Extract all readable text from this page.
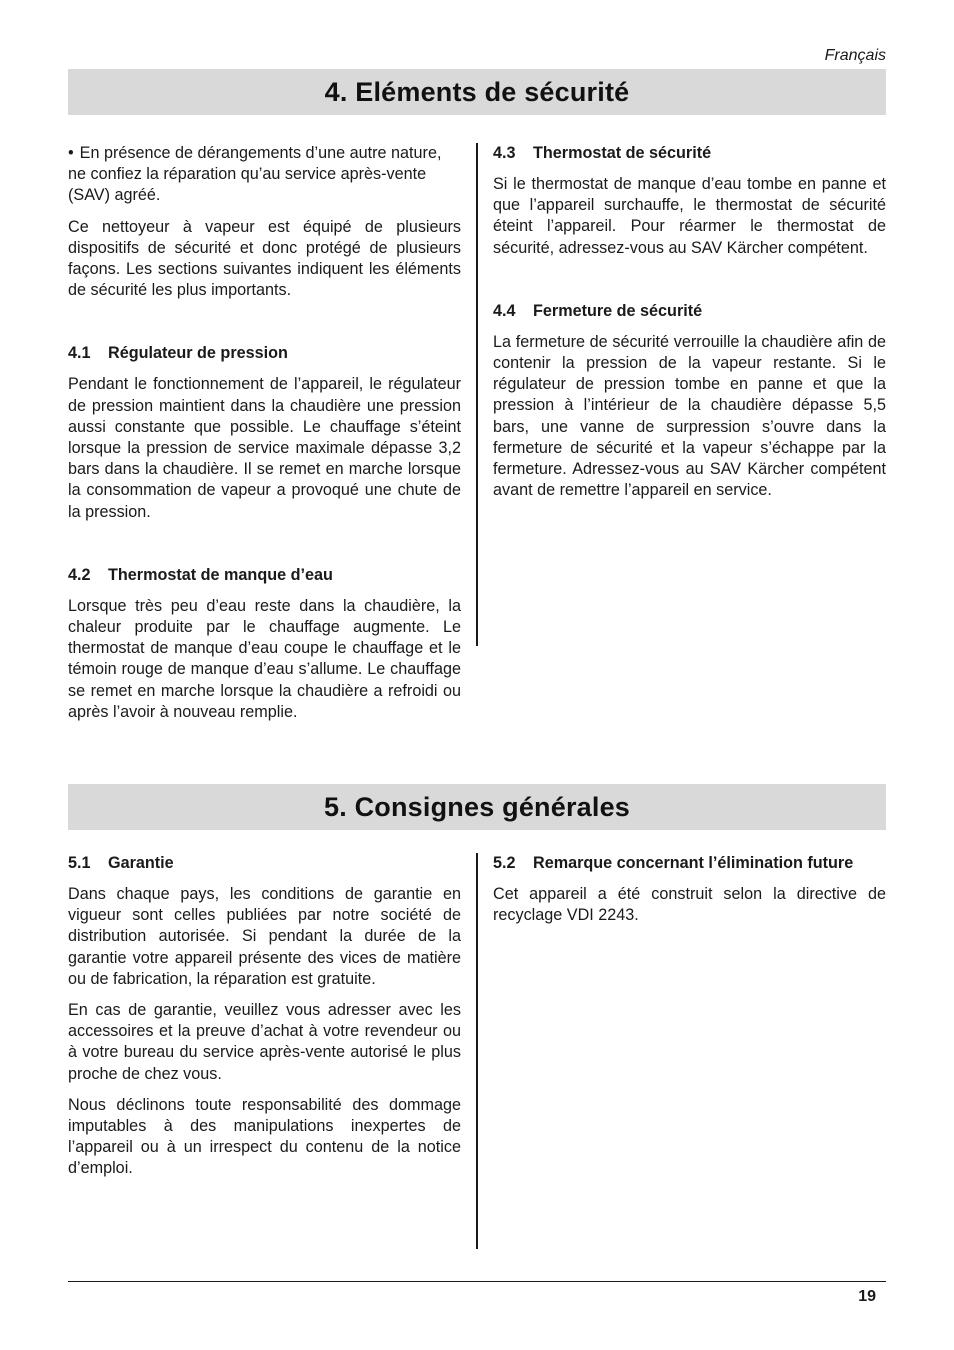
Français
4. Eléments de sécurité

• En présence de dérangements d’une autre nature, ne confiez la réparation qu’au service après-vente (SAV) agréé.

Ce nettoyeur à vapeur est équipé de plusieurs dispositifs de sécurité et donc protégé de plusieurs façons. Les sections suivantes indiquent les éléments de sécurité les plus importants.

4.1 Régulateur de pression

Pendant le fonctionnement de l’appareil, le régulateur de pression maintient dans la chaudière une pression aussi constante que possible. Le chauffage s’éteint lorsque la pression de service maximale dépasse 3,2 bars dans la chaudière. Il se remet en marche lorsque la consommation de vapeur a provoqué une chute de la pression.

4.2 Thermostat de manque d’eau

Lorsque très peu d’eau reste dans la chaudière, la chaleur produite par le chauffage augmente. Le thermostat de manque d’eau coupe le chauffage et le témoin rouge de manque d’eau s’allume. Le chauffage se remet en marche lorsque la chaudière a refroidi ou après l’avoir à nouveau remplie.

4.3 Thermostat de sécurité

Si le thermostat de manque d’eau tombe en panne et que l’appareil surchauffe, le thermostat de sécurité éteint l’appareil. Pour réarmer le thermostat de sécurité, adressez-vous au SAV Kärcher compétent.

4.4 Fermeture de sécurité

La fermeture de sécurité verrouille la chaudière afin de contenir la pression de la vapeur restante. Si le régulateur de pression tombe en panne et que la pression à l’intérieur de la chaudière dépasse 5,5 bars, une vanne de surpression s’ouvre dans la fermeture de sécurité et la vapeur s’échappe par la fermeture. Adressez-vous au SAV Kärcher compétent avant de remettre l’appareil en service.

5. Consignes générales
5.1 Garantie

Dans chaque pays, les conditions de garantie en vigueur sont celles publiées par notre société de distribution autorisée. Si pendant la durée de la garantie votre appareil présente des vices de matière ou de fabrication, la réparation est gratuite.

En cas de garantie, veuillez vous adresser avec les accessoires et la preuve d’achat à votre revendeur ou à votre bureau du service après-vente autorisé le plus proche de chez vous.

Nous déclinons toute responsabilité des dommage imputables à des manipulations inexpertes de l’appareil ou à un irrespect du contenu de la notice d’emploi.

5.2 Remarque concernant l’élimination future

Cet appareil a été construit selon la directive de recyclage VDI 2243.

19
